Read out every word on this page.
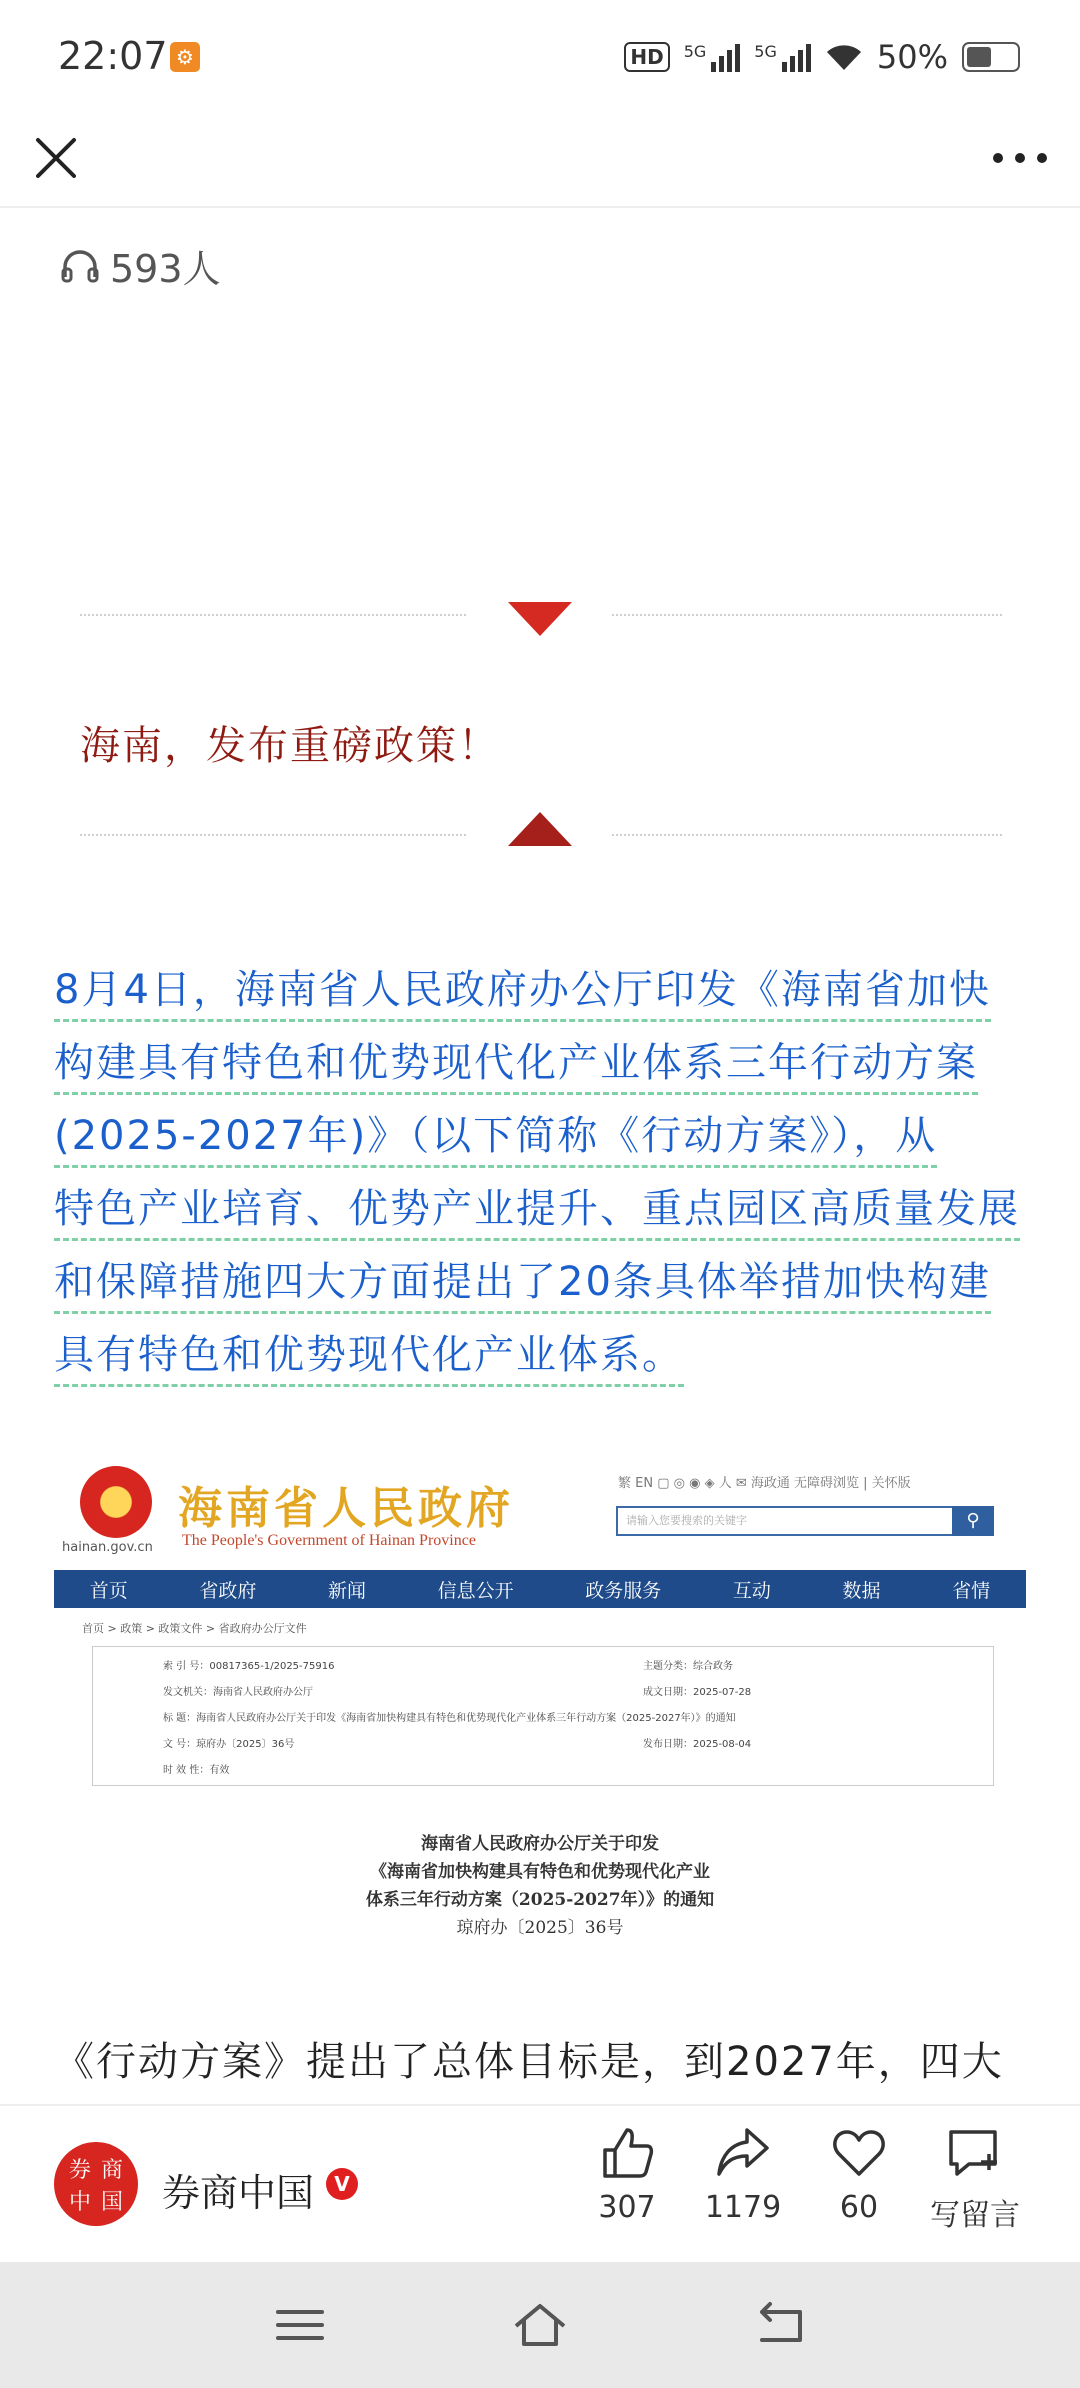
22:07 ⚙	HD	5G	5G	50%
593人
海南，发布重磅政策！
8月4日，海南省人民政府办公厅印发《海南省加快
构建具有特色和优势现代化产业体系三年行动方案
(2025-2027年)》（以下简称《行动方案》），从
特色产业培育、优势产业提升、重点园区高质量发展
和保障措施四大方面提出了20条具体举措加快构建
具有特色和优势现代化产业体系。
hainan.gov.cn
海南省人民政府
The People's Government of Hainan Province
繁 EN ▢ ◎ ◉ ◈ 人 ✉ 海政通 无障碍浏览 | 关怀版
请输入您要搜索的关键字	⚲
首页	省政府	新闻	信息公开	政务服务	互动	数据	省情
首页 > 政策 > 政策文件 > 省政府办公厅文件
索 引 号：00817365-1/2025-75916	主题分类：综合政务
发文机关：海南省人民政府办公厅	成文日期：2025-07-28
标 题：海南省人民政府办公厅关于印发《海南省加快构建具有特色和优势现代化产业体系三年行动方案（2025-2027年）》的通知
文 号：琼府办〔2025〕36号	发布日期：2025-08-04
时 效 性：有效
海南省人民政府办公厅关于印发
《海南省加快构建具有特色和优势现代化产业
体系三年行动方案（2025-2027年）》的通知
琼府办〔2025〕36号
《行动方案》提出了总体目标是，到2027年，四大
券 商
中 国 券商中国	V
307	1179	60	写留言
